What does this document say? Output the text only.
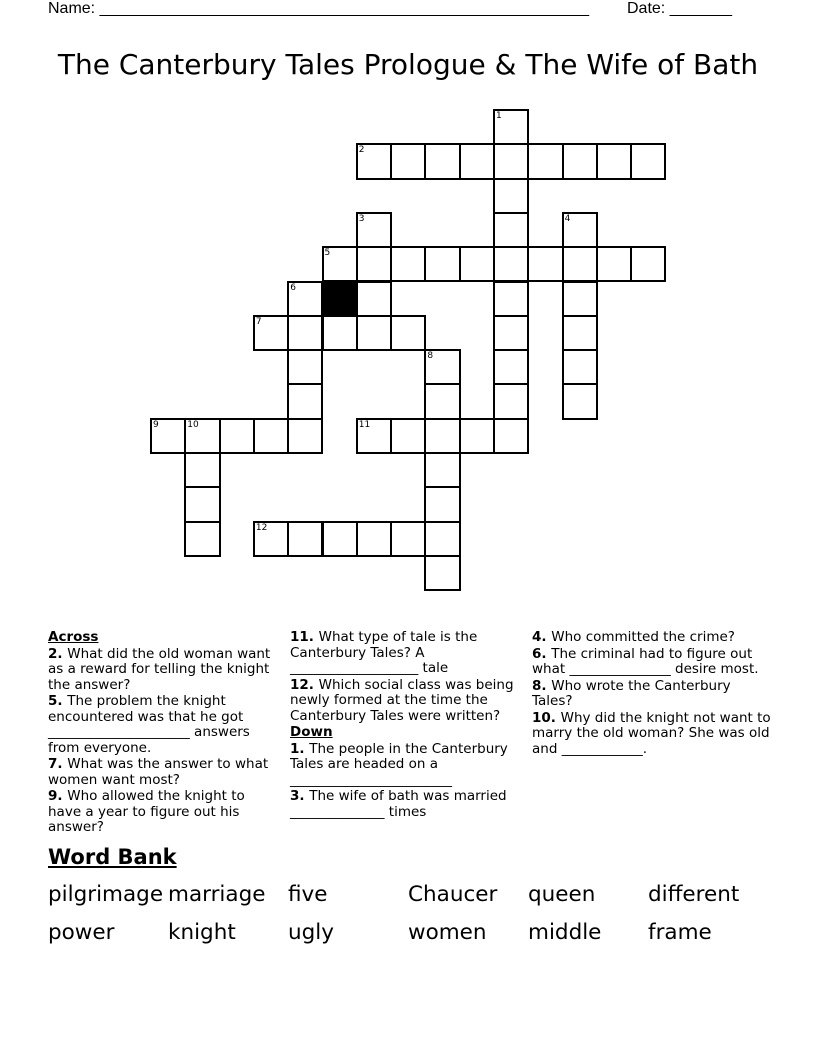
Name: _______________________________________________________ Date: _______
The Canterbury Tales Prologue & The Wife of Bath
1
2
3	4
5
6
7
8
9	10	11
12
Across
2. What did the old woman want as a reward for telling the knight the answer?
5. The problem the knight encountered was that he got _____________________ answers from everyone.
7. What was the answer to what women want most?
9. Who allowed the knight to have a year to figure out his answer?
11. What type of tale is the Canterbury Tales? A ___________________ tale
12. Which social class was being newly formed at the time the Canterbury Tales were written?
Down
1. The people in the Canterbury Tales are headed on a ________________________
3. The wife of bath was married ______________ times
4. Who committed the crime?
6. The criminal had to figure out what _______________ desire most.
8. Who wrote the Canterbury Tales?
10. Why did the knight not want to marry the old woman? She was old and ____________.
Word Bank
pilgrimage marriage five	Chaucer queen different
power knight ugly	women middle frame
